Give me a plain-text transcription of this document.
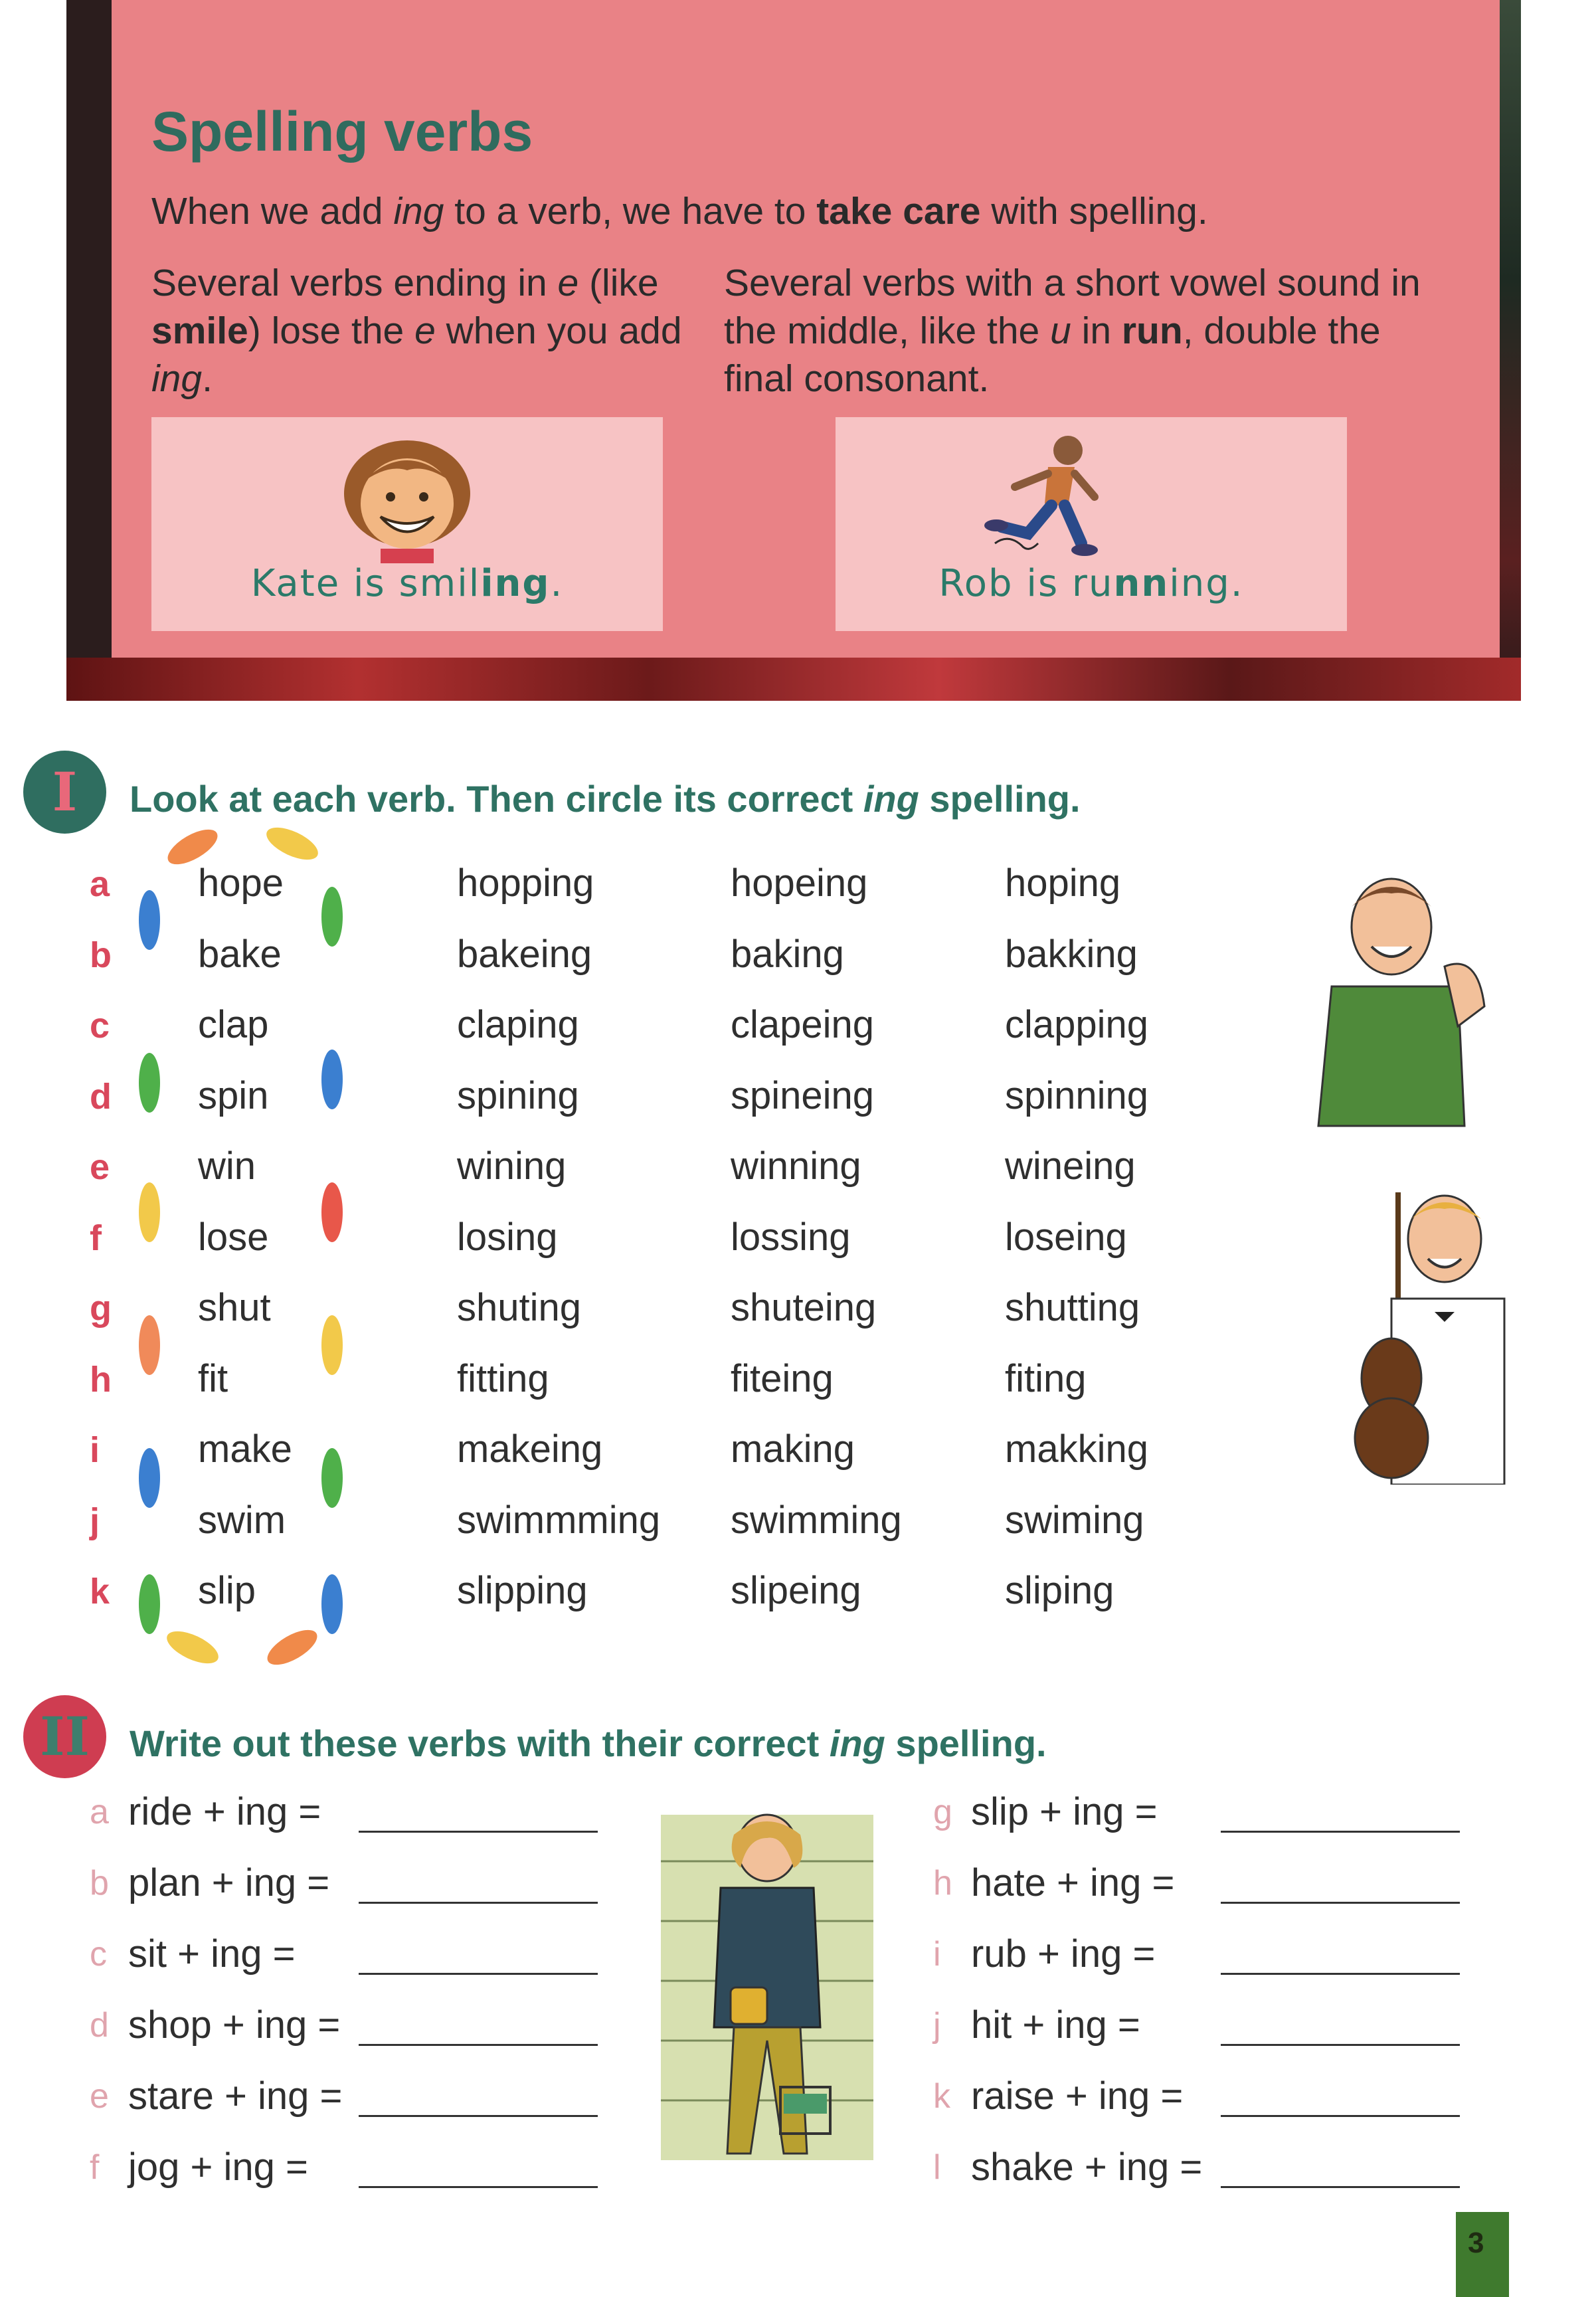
Spelling verbs
When we add ing to a verb, we have to take care with spelling.
Several verbs ending in e (like smile) lose the e when you add ing.
Several verbs with a short vowel sound in the middle, like the u in run, double the final consonant.
Kate is smiling.	Rob is running.
I	Look at each verb. Then circle its correct ing spelling.
a	hope	hopping	hopeing	hoping
b bake	bakeing	baking	bakking
c	clap	claping	clapeing	clapping
d spin	spining	spineing	spinning
e	win	wining	winning	wineing
f	lose	losing	lossing	loseing
g shut	shuting	shuteing	shutting
h fit	fitting	fiteing	fiting
i	make	makeing	making	makking
j	swim	swimmming swimming	swiming
k	slip	slipping	slipeing	sliping
II	Write out these verbs with their correct ing spelling.
a ride + ing =
b plan + ing =
c sit + ing =
d shop + ing =
e stare + ing =
f jog + ing =
g slip + ing =
h hate + ing =
i rub + ing =
j hit + ing =
k raise + ing =
l shake + ing =
3
